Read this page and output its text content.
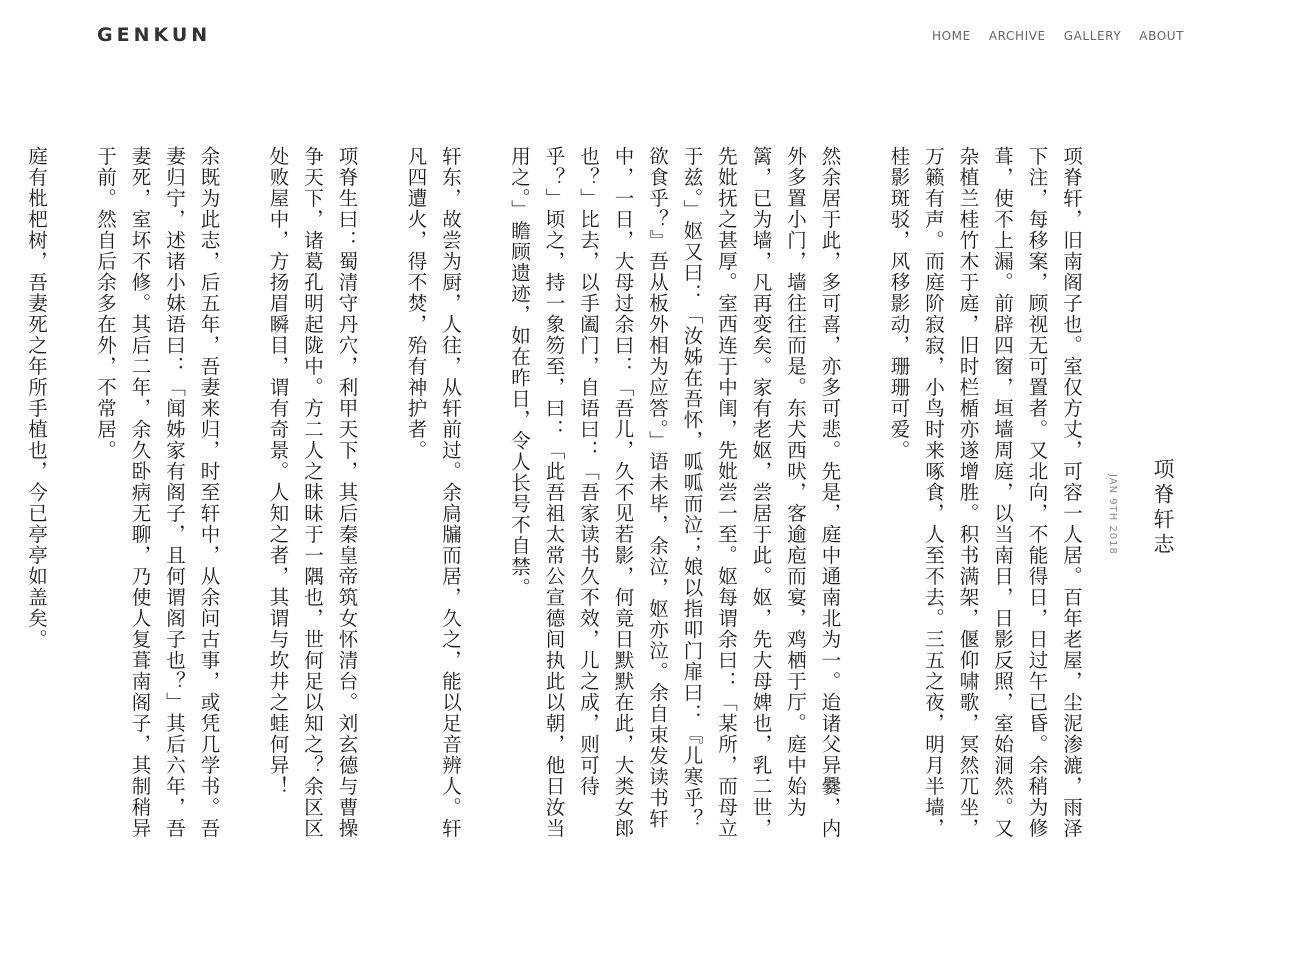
GENKUN	HOME ARCHIVE GALLERY ABOUT
项脊轩志
JAN 9TH 2018

项脊轩，旧南阁子也。室仅方丈，可容一人居。百年老屋，尘泥渗漉，雨泽下注，每移案，顾视无可置者。又北向，不能得日，日过午已昏。余稍为修葺，使不上漏。前辟四窗，垣墙周庭，以当南日，日影反照，室始洞然。又杂植兰桂竹木于庭，旧时栏楯亦遂增胜。积书满架，偃仰啸歌，冥然兀坐，万籁有声。而庭阶寂寂，小鸟时来啄食，人至不去。三五之夜，明月半墙，桂影斑驳，风移影动，珊珊可爱。

然余居于此，多可喜，亦多可悲。先是，庭中通南北为一。迨诸父异爨，内外多置小门，墙往往而是。东犬西吠，客逾庖而宴，鸡栖于厅。庭中始为篱，已为墙，凡再变矣。家有老妪，尝居于此。妪，先大母婢也，乳二世，先妣抚之甚厚。室西连于中闺，先妣尝一至。妪每谓余曰：「某所，而母立于兹。」妪又曰：「汝姊在吾怀，呱呱而泣；娘以指叩门扉曰：『儿寒乎？欲食乎？』吾从板外相为应答。」语未毕，余泣，妪亦泣。余自束发读书轩中，一日，大母过余曰：「吾儿，久不见若影，何竟日默默在此，大类女郎也？」比去，以手阖门，自语曰：「吾家读书久不效，儿之成，则可待乎？」顷之，持一象笏至，曰：「此吾祖太常公宣德间执此以朝，他日汝当用之。」瞻顾遗迹，如在昨日，令人长号不自禁。

轩东，故尝为厨，人往，从轩前过。余扃牖而居，久之，能以足音辨人。轩凡四遭火，得不焚，殆有神护者。

项脊生曰：蜀清守丹穴，利甲天下，其后秦皇帝筑女怀清台。刘玄德与曹操争天下，诸葛孔明起陇中。方二人之昧昧于一隅也，世何足以知之？余区区处败屋中，方扬眉瞬目，谓有奇景。人知之者，其谓与坎井之蛙何异！

余既为此志，后五年，吾妻来归，时至轩中，从余问古事，或凭几学书。吾妻归宁，述诸小妹语曰：「闻姊家有阁子，且何谓阁子也？」其后六年，吾妻死，室坏不修。其后二年，余久卧病无聊，乃使人复葺南阁子，其制稍异于前。然自后余多在外，不常居。

庭有枇杷树，吾妻死之年所手植也，今已亭亭如盖矣。
